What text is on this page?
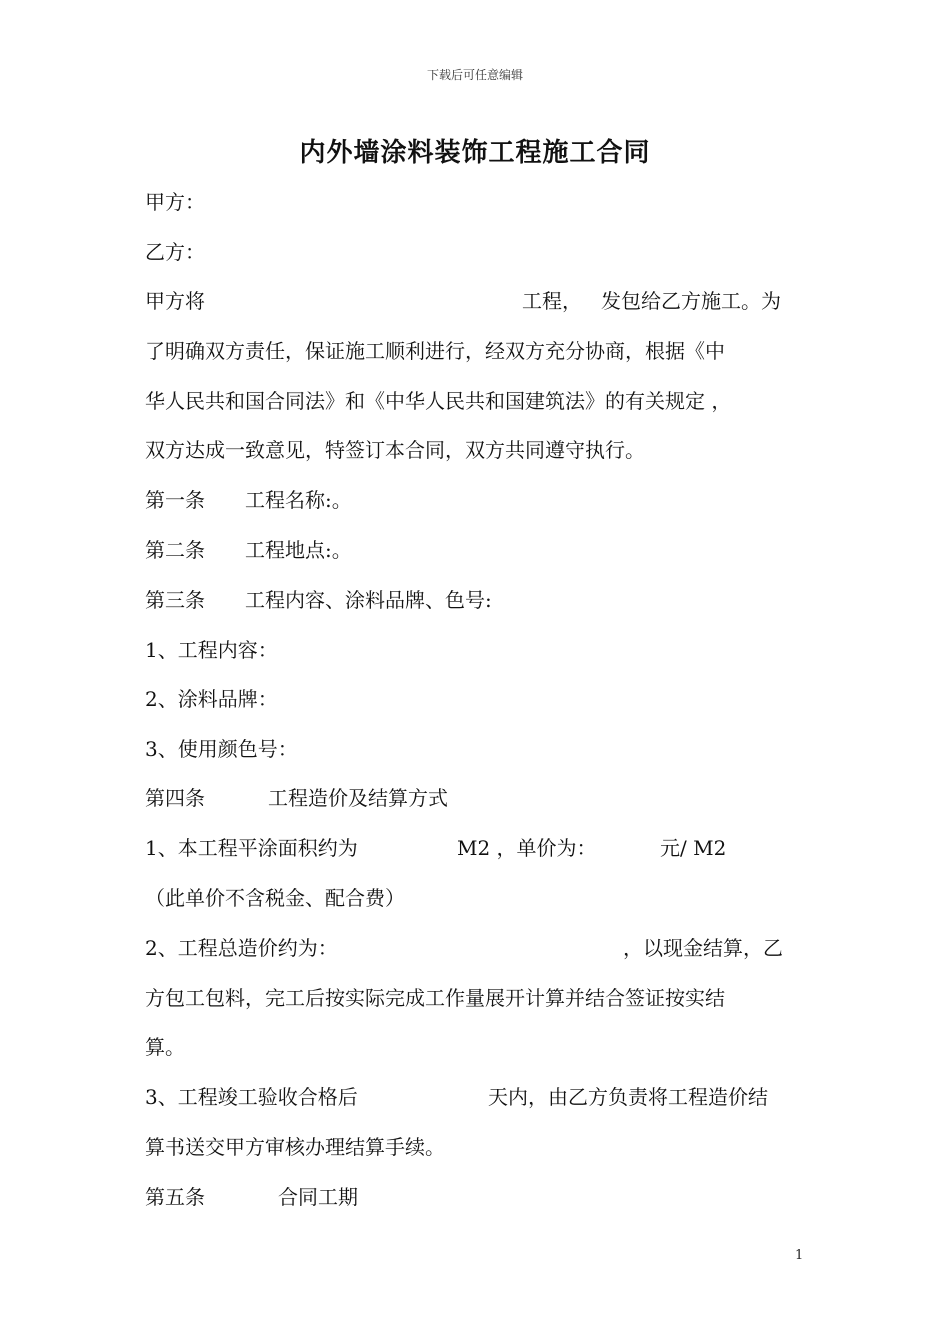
下载后可任意编辑
内外墙涂料装饰工程施工合同
甲方：
乙方：

甲方将

	工程，

发包给乙方施工。为

了明确双方责任，保证施工顺利进行，经双方充分协商，根据《中
华人民共和国合同法》和《中华人民共和国建筑法》的有关规定 ，
双方达成一致意见，特签订本合同，双方共同遵守执行。

第一条

工程名称:。

第二条

工程地点:。

第三条

工程内容、涂料品牌、色号:

1、工程内容：
2、涂料品牌：
3、使用颜色号：

第四条

	工程造价及结算方式

1、本工程平涂面积约为

	M2 ，单价为：

	元/ M2

（此单价不含税金、配合费）

2、工程总造价约为：

	，以现金结算，乙

方包工包料，完工后按实际完成工作量展开计算并结合签证按实结
算。

3、工程竣工验收合格后

	天内，由乙方负责将工程造价结

算书送交甲方审核办理结算手续。

第五条

	合同工期

1
